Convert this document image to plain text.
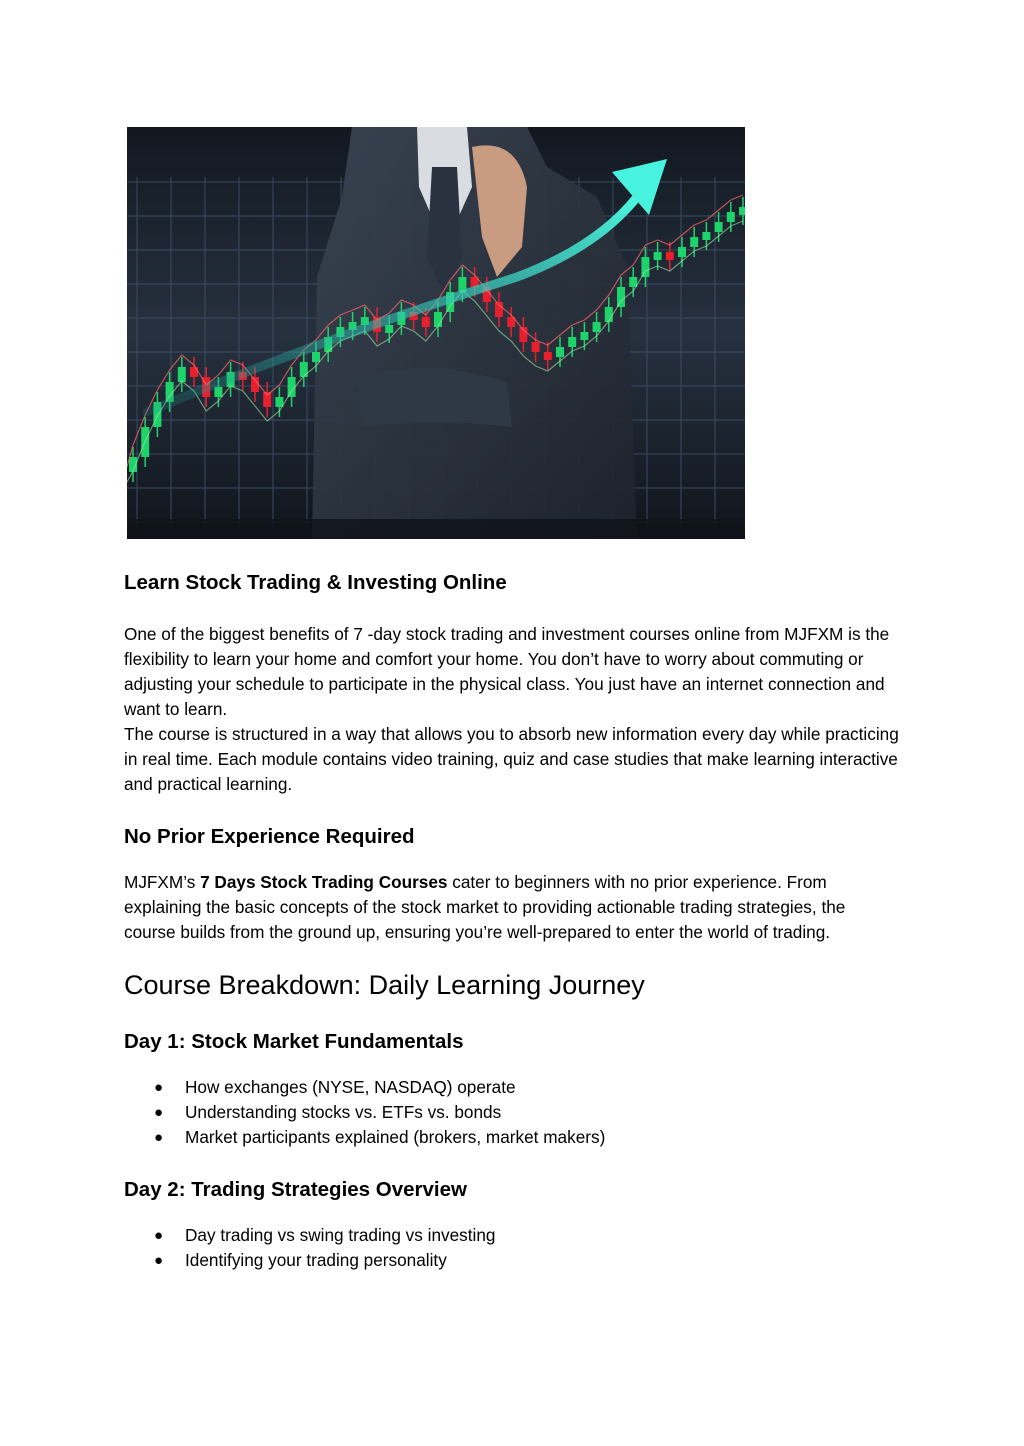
Learn Stock Trading & Investing Online

One of the biggest benefits of 7 -day stock trading and investment courses online from MJFXM is the flexibility to learn your home and comfort your home. You don’t have to worry about commuting or adjusting your schedule to participate in the physical class. You just have an internet connection and want to learn.

The course is structured in a way that allows you to absorb new information every day while practicing in real time. Each module contains video training, quiz and case studies that make learning interactive and practical learning.

No Prior Experience Required

MJFXM’s 7 Days Stock Trading Courses cater to beginners with no prior experience. From explaining the basic concepts of the stock market to providing actionable trading strategies, the course builds from the ground up, ensuring you’re well-prepared to enter the world of trading.

Course Breakdown: Daily Learning Journey
Day 1: Stock Market Fundamentals
● How exchanges (NYSE, NASDAQ) operate
● Understanding stocks vs. ETFs vs. bonds
● Market participants explained (brokers, market makers)
Day 2: Trading Strategies Overview
● Day trading vs swing trading vs investing
● Identifying your trading personality
